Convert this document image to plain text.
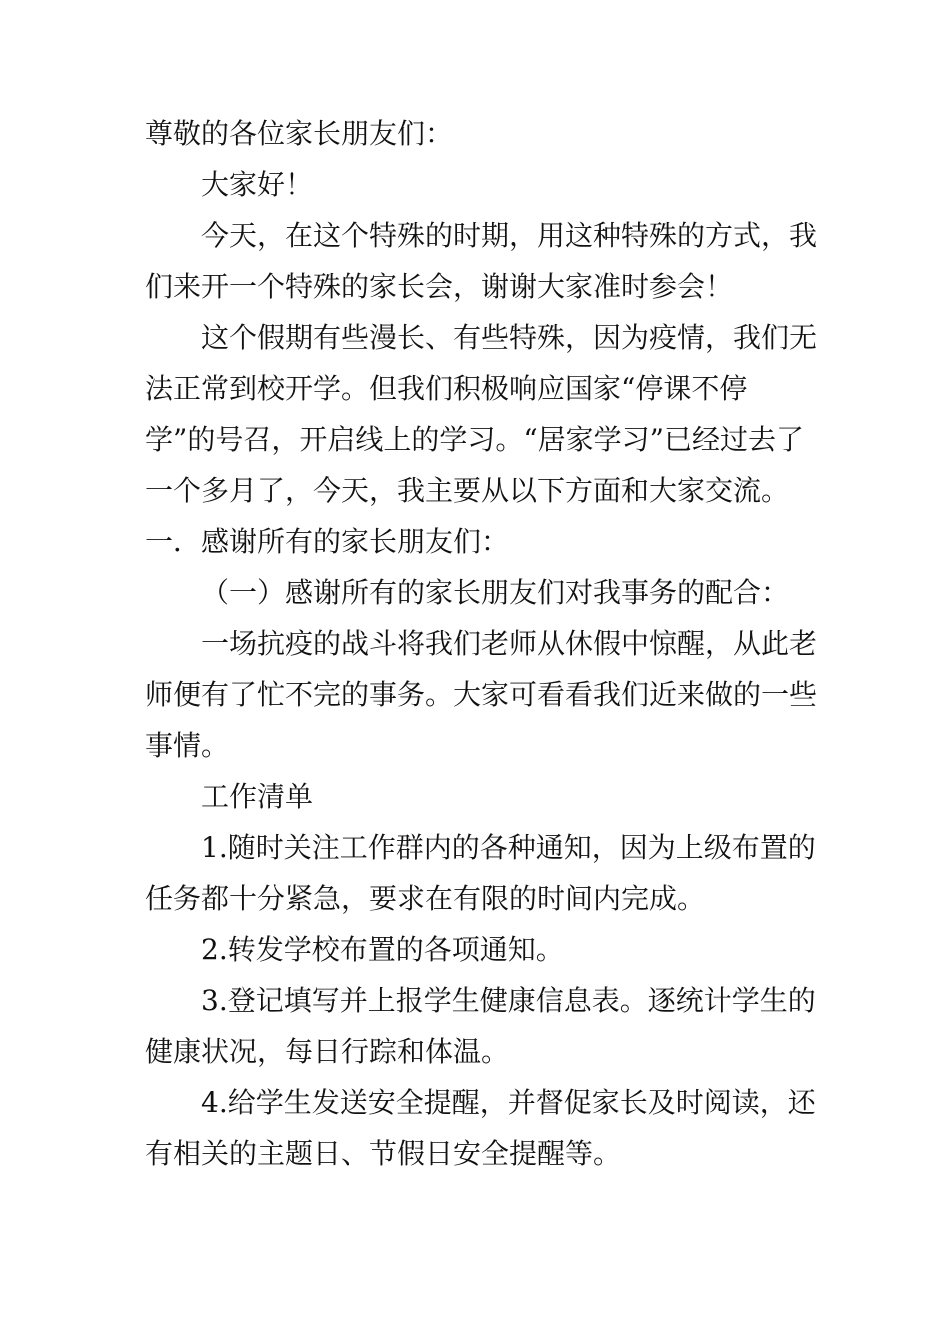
尊敬的各位家长朋友们：

大家好！

今天，在这个特殊的时期，用这种特殊的方式，我们来开一个特殊的家长会，谢谢大家准时参会！

这个假期有些漫长、有些特殊，因为疫情，我们无法正常到校开学。但我们积极响应国家“停课不停学”的号召，开启线上的学习。“居家学习”已经过去了一个多月了，今天，我主要从以下方面和大家交流。

一．感谢所有的家长朋友们：

（一）感谢所有的家长朋友们对我事务的配合：

一场抗疫的战斗将我们老师从休假中惊醒，从此老师便有了忙不完的事务。大家可看看我们近来做的一些事情。

工作清单

1.随时关注工作群内的各种通知，因为上级布置的任务都十分紧急，要求在有限的时间内完成。

2.转发学校布置的各项通知。

3.登记填写并上报学生健康信息表。逐统计学生的健康状况，每日行踪和体温。

4.给学生发送安全提醒，并督促家长及时阅读，还有相关的主题日、节假日安全提醒等。
